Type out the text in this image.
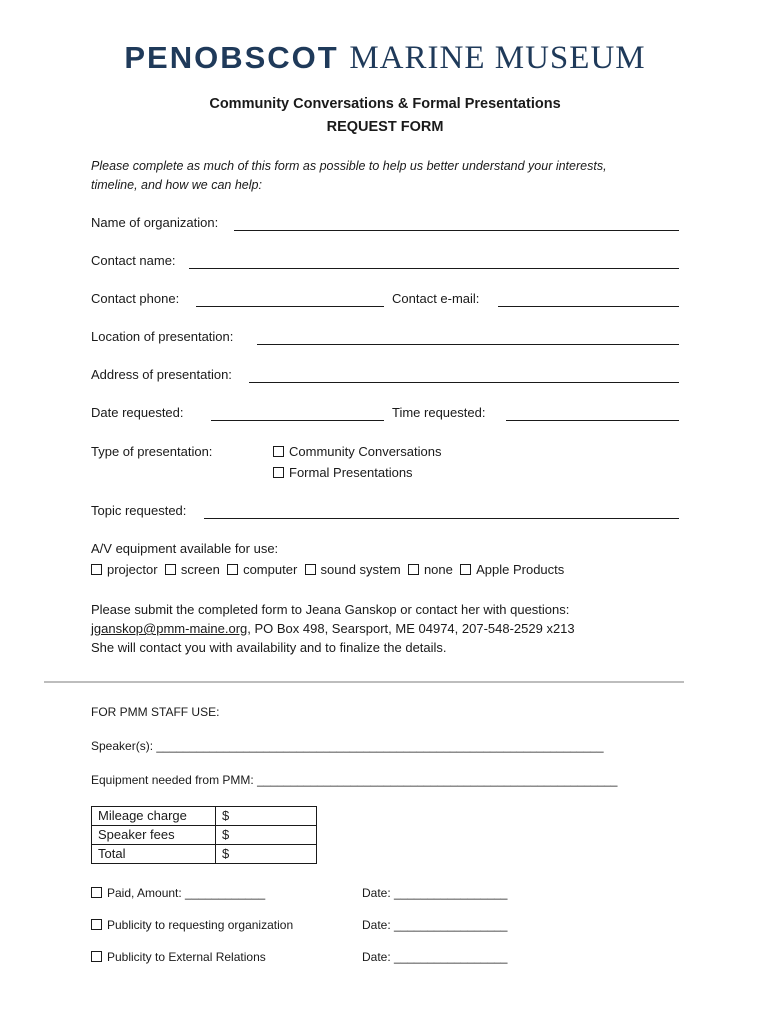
PENOBSCOT MARINE MUSEUM
Community Conversations & Formal Presentations
REQUEST FORM
Please complete as much of this form as possible to help us better understand your interests,
timeline, and how we can help:
Name of organization:
Contact name:
Contact phone:	Contact e-mail:
Location of presentation:
Address of presentation:
Date requested:	Time requested:
Type of presentation:	Community Conversations
Formal Presentations
Topic requested:
A/V equipment available for use:
projector screen computer sound system none Apple Products
Please submit the completed form to Jeana Ganskop or contact her with questions:
jganskop@pmm-maine.org, PO Box 498, Searsport, ME 04974, 207-548-2529 x213
She will contact you with availability and to finalize the details.
FOR PMM STAFF USE:
Speaker(s): ___________________________________________________________________
Equipment needed from PMM: ______________________________________________________
Mileage charge	$
Speaker fees	$
Total	$
Paid, Amount: ____________	Date: _________________
Publicity to requesting organization	Date: _________________
Publicity to External Relations	Date: _________________
